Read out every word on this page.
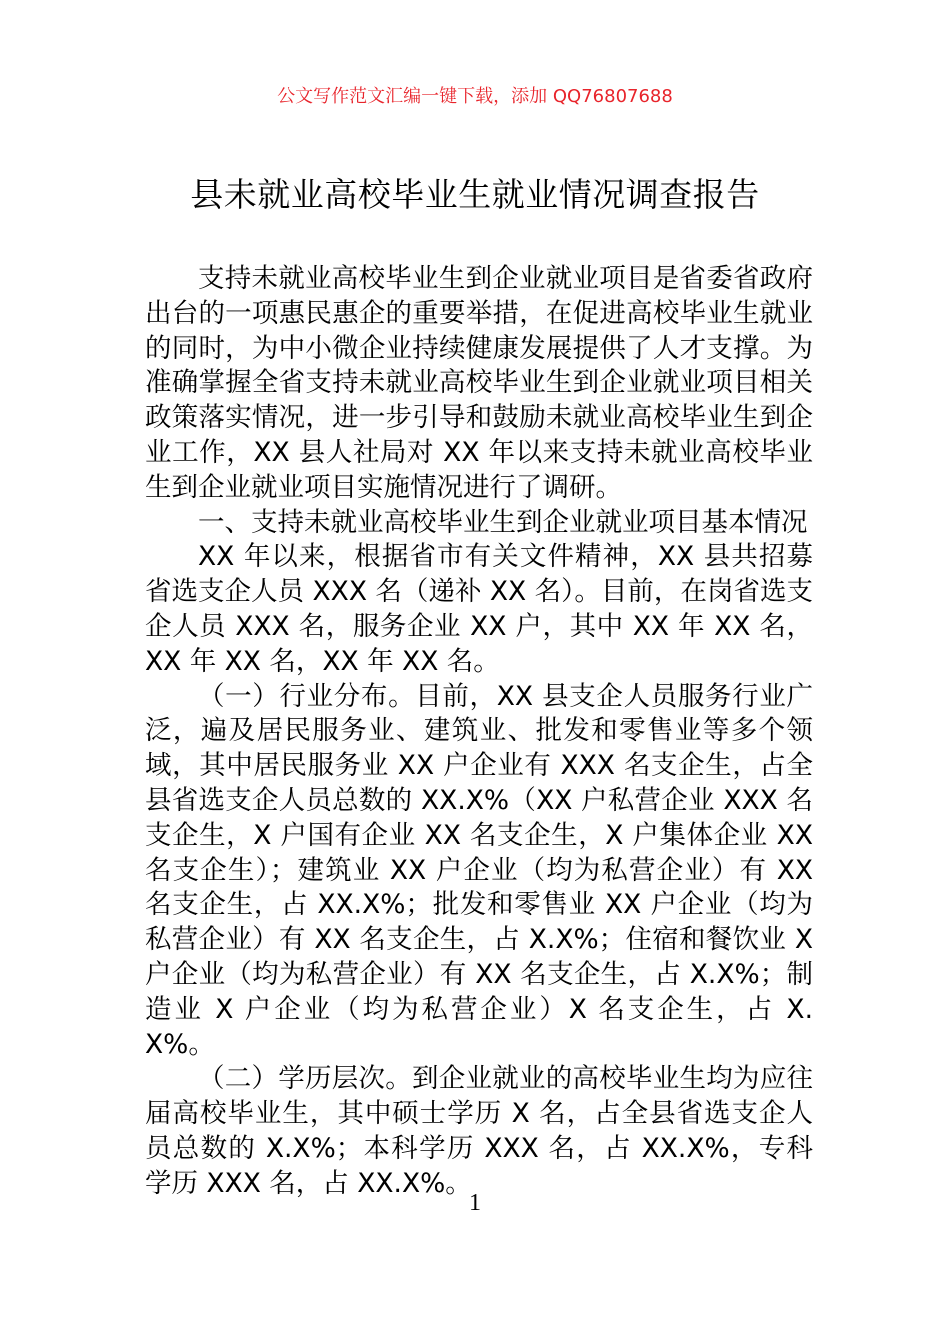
公文写作范文汇编一键下载，添加 QQ76807688
县未就业高校毕业生就业情况调查报告

支持未就业高校毕业生到企业就业项目是省委省政府出台的一项惠民惠企的重要举措，在促进高校毕业生就业的同时，为中小微企业持续健康发展提供了人才支撑。为准确掌握全省支持未就业高校毕业生到企业就业项目相关政策落实情况，进一步引导和鼓励未就业高校毕业生到企业工作，XX 县人社局对 XX 年以来支持未就业高校毕业生到企业就业项目实施情况进行了调研。

一、支持未就业高校毕业生到企业就业项目基本情况

XX 年以来，根据省市有关文件精神，XX 县共招募省选支企人员 XXX 名（递补 XX 名）。目前，在岗省选支企人员 XXX 名，服务企业 XX 户，其中 XX 年 XX 名，XX 年 XX 名，XX 年 XX 名。

（一）行业分布。目前，XX 县支企人员服务行业广泛，遍及居民服务业、建筑业、批发和零售业等多个领域，其中居民服务业 XX 户企业有 XXX 名支企生，占全县省选支企人员总数的 XX.X%（XX 户私营企业 XXX 名支企生，X 户国有企业 XX 名支企生，X 户集体企业 XX 名支企生）；建筑业 XX 户企业（均为私营企业）有 XX 名支企生，占 XX.X%；批发和零售业 XX 户企业（均为私营企业）有 XX 名支企生，占 X.X%；住宿和餐饮业 X 户企业（均为私营企业）有 XX 名支企生，占 X.X%；制造业 X 户企业（均为私营企业）X 名支企生，占 X.X%。

（二）学历层次。到企业就业的高校毕业生均为应往届高校毕业生，其中硕士学历 X 名，占全县省选支企人员总数的 X.X%；本科学历 XXX 名，占 XX.X%，专科学历 XXX 名，占 XX.X%。

1
